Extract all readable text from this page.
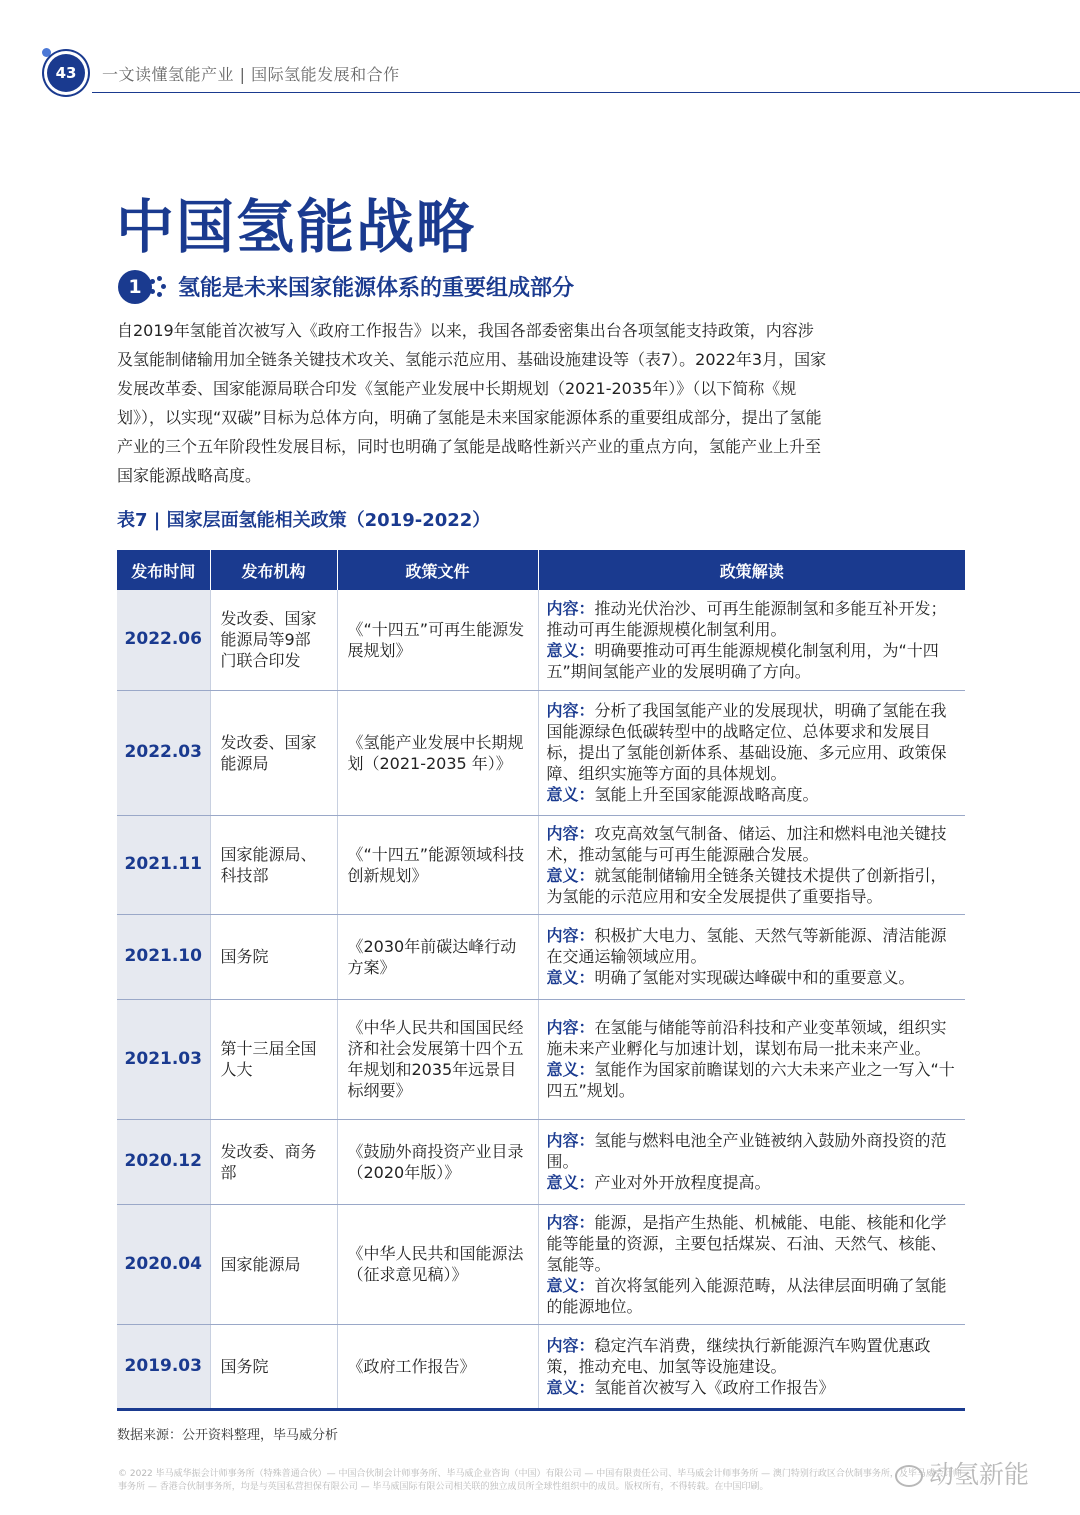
43	一文读懂氢能产业 | 国际氢能发展和合作
中国氢能战略
1	氢能是未来国家能源体系的重要组成部分

自2019年氢能首次被写入《政府工作报告》以来，我国各部委密集出台各项氢能支持政策，内容涉及氢能制储输用加全链条关键技术攻关、氢能示范应用、基础设施建设等（表7）。2022年3月，国家发展改革委、国家能源局联合印发《氢能产业发展中长期规划（2021-2035年）》（以下简称《规划》），以实现“双碳”目标为总体方向，明确了氢能是未来国家能源体系的重要组成部分，提出了氢能产业的三个五年阶段性发展目标，同时也明确了氢能是战略性新兴产业的重点方向，氢能产业上升至国家能源战略高度。

表7 | 国家层面氢能相关政策（2019-2022）
发布时间	发布机构	政策文件	政策解读
2022.06	发改委、国家能源局等9部门联合印发	《“十四五”可再生能源发展规划》	内容：推动光伏治沙、可再生能源制氢和多能互补开发；推动可再生能源规模化制氢利用。
意义：明确要推动可再生能源规模化制氢利用，为“十四五”期间氢能产业的发展明确了方向。

2022.03	发改委、国家能源局	《氢能产业发展中长期规划（2021-2035 年）》	内容：分析了我国氢能产业的发展现状，明确了氢能在我国能源绿色低碳转型中的战略定位、总体要求和发展目标，提出了氢能创新体系、基础设施、多元应用、政策保障、组织实施等方面的具体规划。
意义：氢能上升至国家能源战略高度。

2021.11	国家能源局、科技部	《“十四五”能源领域科技创新规划》	内容：攻克高效氢气制备、储运、加注和燃料电池关键技术，推动氢能与可再生能源融合发展。
意义：就氢能制储输用全链条关键技术提供了创新指引，为氢能的示范应用和安全发展提供了重要指导。

2021.10	国务院	《2030年前碳达峰行动方案》	内容：积极扩大电力、氢能、天然气等新能源、清洁能源在交通运输领域应用。
意义：明确了氢能对实现碳达峰碳中和的重要意义。

2021.03	第十三届全国人大	《中华人民共和国国民经济和社会发展第十四个五年规划和2035年远景目标纲要》	内容：在氢能与储能等前沿科技和产业变革领域，组织实施未来产业孵化与加速计划，谋划布局一批未来产业。
意义：氢能作为国家前瞻谋划的六大未来产业之一写入“十四五”规划。

2020.12	发改委、商务部	《鼓励外商投资产业目录（2020年版）》	内容：氢能与燃料电池全产业链被纳入鼓励外商投资的范围。
意义：产业对外开放程度提高。

2020.04	国家能源局	《中华人民共和国能源法（征求意见稿）》	内容：能源，是指产生热能、机械能、电能、核能和化学能等能量的资源，主要包括煤炭、石油、天然气、核能、氢能等。
意义：首次将氢能列入能源范畴，从法律层面明确了氢能的能源地位。

2019.03	国务院	《政府工作报告》	内容：稳定汽车消费，继续执行新能源汽车购置优惠政策，推动充电、加氢等设施建设。
意义：氢能首次被写入《政府工作报告》
数据来源：公开资料整理，毕马威分析
© 2022 毕马威华振会计师事务所（特殊普通合伙）— 中国合伙制会计师事务所、毕马威企业咨询（中国）有限公司 — 中国有限责任公司、毕马威会计师事务所 — 澳门特别行政区合伙制事务所，及毕马威会计师事务所 — 香港合伙制事务所，均是与英国私营担保有限公司 — 毕马威国际有限公司相关联的独立成员所全球性组织中的成员。版权所有，不得转载。在中国印刷。	动氢新能
